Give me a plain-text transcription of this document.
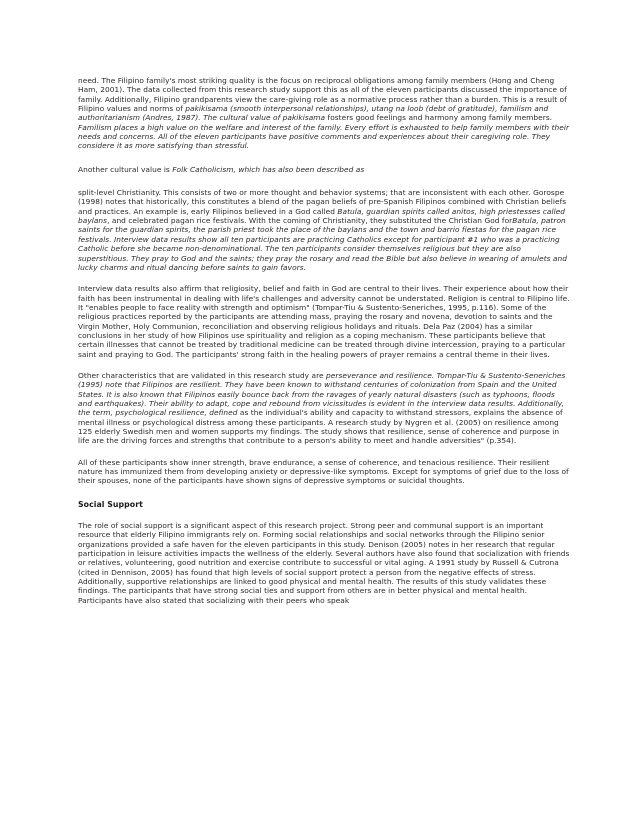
need. The Filipino family's most striking quality is the focus on reciprocal obligations among family members (Hong and Cheng Ham, 2001). The data collected from this research study support this as all of the eleven participants discussed the importance of family. Additionally, Filipino grandparents view the care-giving role as a normative process rather than a burden. This is a result of Filipino values and norms of pakikisama (smooth interpersonal relationships), utang na loob (debt of gratitude), familism and authoritarianism (Andres, 1987). The cultural value of pakikisama fosters good feelings and harmony among family members. Familism places a high value on the welfare and interest of the family. Every effort is exhausted to help family members with their needs and concerns. All of the eleven participants have positive comments and experiences about their caregiving role. They considere it as more satisfying than stressful.

Another cultural value is Folk Catholicism, which has also been described as

split-level Christianity. This consists of two or more thought and behavior systems; that are inconsistent with each other. Gorospe (1998) notes that historically, this constitutes a blend of the pagan beliefs of pre-Spanish Filipinos combined with Christian beliefs and practices. An example is, early Filipinos believed in a God called Batula, guardian spirits called anitos, high priestesses called baylans, and celebrated pagan rice festivals. With the coming of Christianity, they substituted the Christian God forBatula, patron saints for the guardian spirits, the parish priest took the place of the baylans and the town and barrio fiestas for the pagan rice festivals. Interview data results show all ten participants are practicing Catholics except for participant #1 who was a practicing Catholic before she became non-denominational. The ten participants consider themselves religious but they are also superstitious. They pray to God and the saints; they pray the rosary and read the Bible but also believe in wearing of amulets and lucky charms and ritual dancing before saints to gain favors.

Interview data results also affirm that religiosity, belief and faith in God are central to their lives. Their experience about how their faith has been instrumental in dealing with life's challenges and adversity cannot be understated. Religion is central to Filipino life. It "enables people to face reality with strength and optimism" (Tompar-Tiu & Sustento-Seneriches, 1995, p.116). Some of the religious practices reported by the participants are attending mass, praying the rosary and novena, devotion to saints and the Virgin Mother, Holy Communion, reconciliation and observing religious holidays and rituals. Dela Paz (2004) has a similar conclusions in her study of how Filipinos use spirituality and religion as a coping mechanism. These participants believe that certain illnesses that cannot be treated by traditional medicine can be treated through divine intercession, praying to a particular saint and praying to God. The participants' strong faith in the healing powers of prayer remains a central theme in their lives.

Other characteristics that are validated in this research study are perseverance and resilience. Tompar-Tiu & Sustento-Seneriches (1995) note that Filipinos are resilient. They have been known to withstand centuries of colonization from Spain and the United States. It is also known that Filipinos easily bounce back from the ravages of yearly natural disasters (such as typhoons, floods and earthquakes). Their ability to adapt, cope and rebound from vicissitudes is evident in the interview data results. Additionally, the term, psychological resilience, defined as the individual's ability and capacity to withstand stressors, explains the absence of mental illness or psychological distress among these participants. A research study by Nygren et al. (2005) on resilience among 125 elderly Swedish men and women supports my findings. The study shows that resilience, sense of coherence and purpose in life are the driving forces and strengths that contribute to a person's ability to meet and handle adversities" (p.354).

All of these participants show inner strength, brave endurance, a sense of coherence, and tenacious resilience. Their resilient nature has immunized them from developing anxiety or depressive-like symptoms. Except for symptoms of grief due to the loss of their spouses, none of the participants have shown signs of depressive symptoms or suicidal thoughts.

Social Support

The role of social support is a significant aspect of this research project. Strong peer and communal support is an important resource that elderly Filipino immigrants rely on. Forming social relationships and social networks through the Filipino senior organizations provided a safe haven for the eleven participants in this study. Denison (2005) notes in her research that regular participation in leisure activities impacts the wellness of the elderly. Several authors have also found that socialization with friends or relatives, volunteering, good nutrition and exercise contribute to successful or vital aging. A 1991 study by Russell & Cutrona (cited in Dennison, 2005) has found that high levels of social support protect a person from the negative effects of stress. Additionally, supportive relationships are linked to good physical and mental health. The results of this study validates these findings. The participants that have strong social ties and support from others are in better physical and mental health. Participants have also stated that socializing with their peers who speak
